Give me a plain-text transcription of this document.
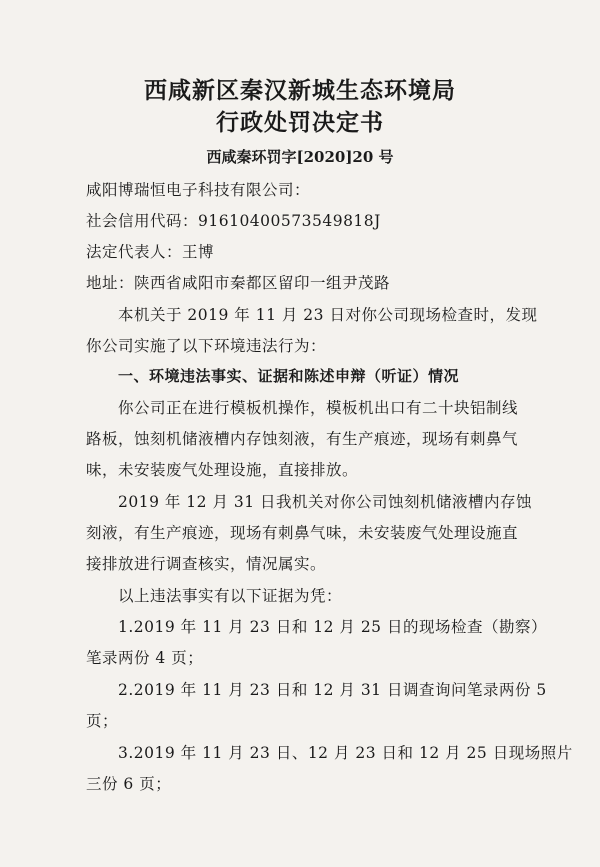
西咸新区秦汉新城生态环境局
行政处罚决定书
西咸秦环罚字[2020]20 号
咸阳博瑞恒电子科技有限公司：
社会信用代码：91610400573549818J
法定代表人：王博
地址：陕西省咸阳市秦都区留印一组尹茂路
本机关于 2019 年 11 月 23 日对你公司现场检查时，发现
你公司实施了以下环境违法行为：
一、环境违法事实、证据和陈述申辩（听证）情况
你公司正在进行模板机操作，模板机出口有二十块铝制线
路板，蚀刻机储液槽内存蚀刻液，有生产痕迹，现场有刺鼻气
味，未安装废气处理设施，直接排放。
2019 年 12 月 31 日我机关对你公司蚀刻机储液槽内存蚀
刻液，有生产痕迹，现场有刺鼻气味，未安装废气处理设施直
接排放进行调查核实，情况属实。
以上违法事实有以下证据为凭：
1.2019 年 11 月 23 日和 12 月 25 日的现场检查（勘察）
笔录两份 4 页；
2.2019 年 11 月 23 日和 12 月 31 日调查询问笔录两份 5
页；
3.2019 年 11 月 23 日、12 月 23 日和 12 月 25 日现场照片
三份 6 页；
